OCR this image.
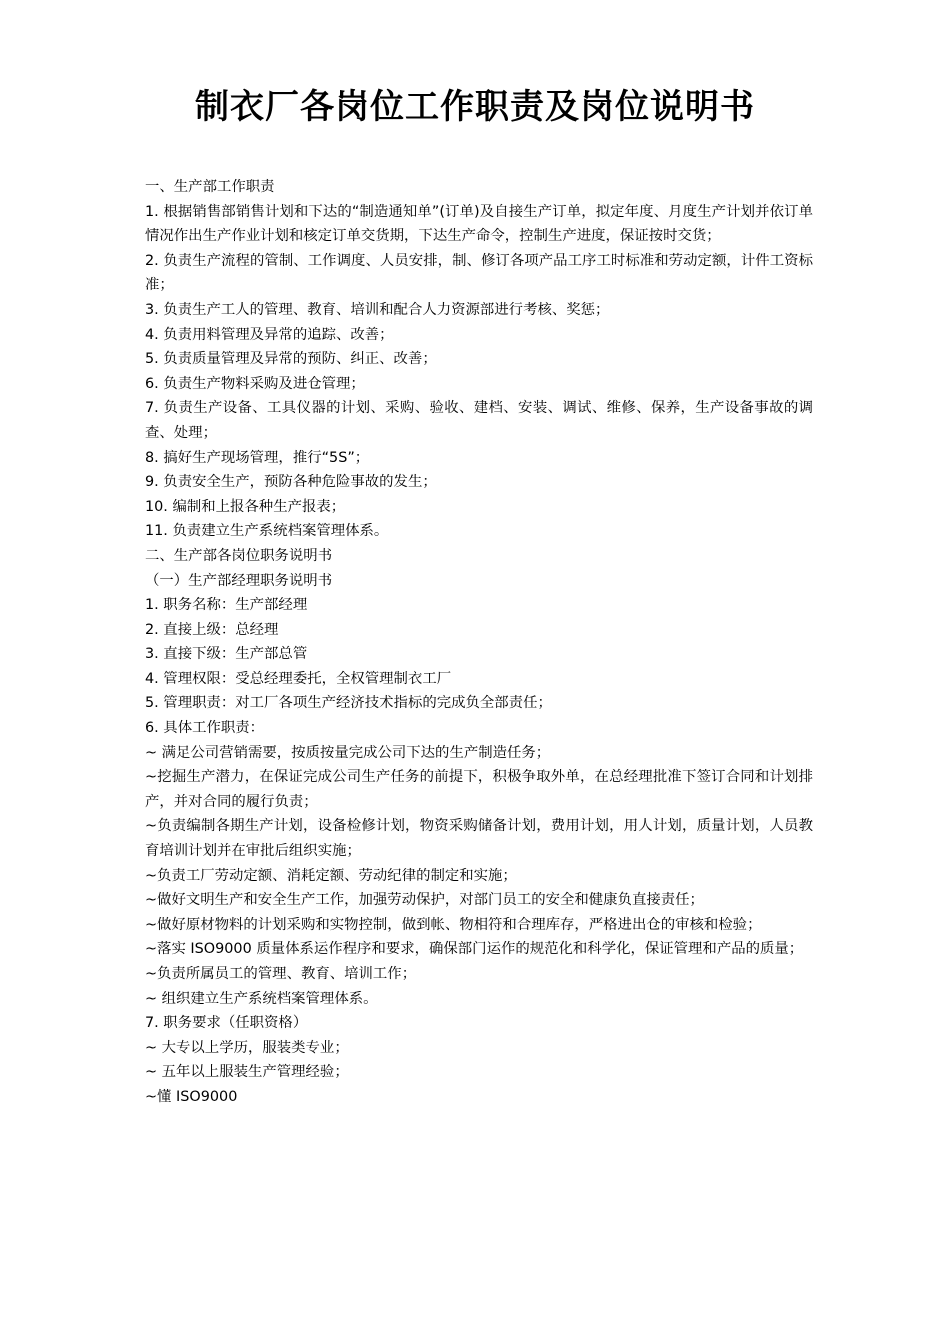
制衣厂各岗位工作职责及岗位说明书

一、生产部工作职责

1. 根据销售部销售计划和下达的“制造通知单”(订单)及自接生产订单，拟定年度、月度生产计划并依订单情况作出生产作业计划和核定订单交货期，下达生产命令，控制生产进度，保证按时交货；

2. 负责生产流程的管制、工作调度、人员安排，制、修订各项产品工序工时标准和劳动定额，计件工资标准；

3. 负责生产工人的管理、教育、培训和配合人力资源部进行考核、奖惩；

4. 负责用料管理及异常的追踪、改善；

5. 负责质量管理及异常的预防、纠正、改善；

6. 负责生产物料采购及进仓管理；

7. 负责生产设备、工具仪器的计划、采购、验收、建档、安装、调试、维修、保养，生产设备事故的调查、处理；

8. 搞好生产现场管理，推行“5S”；

9. 负责安全生产，预防各种危险事故的发生；

10. 编制和上报各种生产报表；

11. 负责建立生产系统档案管理体系。

二、生产部各岗位职务说明书

（一）生产部经理职务说明书

1. 职务名称：生产部经理

2. 直接上级：总经理

3. 直接下级：生产部总管

4. 管理权限：受总经理委托，全权管理制衣工厂

5. 管理职责：对工厂各项生产经济技术指标的完成负全部责任；

6. 具体工作职责：

~ 满足公司营销需要，按质按量完成公司下达的生产制造任务；

~挖掘生产潜力，在保证完成公司生产任务的前提下，积极争取外单，在总经理批准下签订合同和计划排产，并对合同的履行负责；

~负责编制各期生产计划，设备检修计划，物资采购储备计划，费用计划，用人计划，质量计划，人员教育培训计划并在审批后组织实施；

~负责工厂劳动定额、消耗定额、劳动纪律的制定和实施；

~做好文明生产和安全生产工作，加强劳动保护，对部门员工的安全和健康负直接责任；

~做好原材物料的计划采购和实物控制，做到帐、物相符和合理库存，严格进出仓的审核和检验；

~落实 ISO9000 质量体系运作程序和要求，确保部门运作的规范化和科学化，保证管理和产品的质量；

~负责所属员工的管理、教育、培训工作；

~ 组织建立生产系统档案管理体系。

7. 职务要求（任职资格）

~ 大专以上学历，服装类专业；

~ 五年以上服装生产管理经验；

~懂 ISO9000
